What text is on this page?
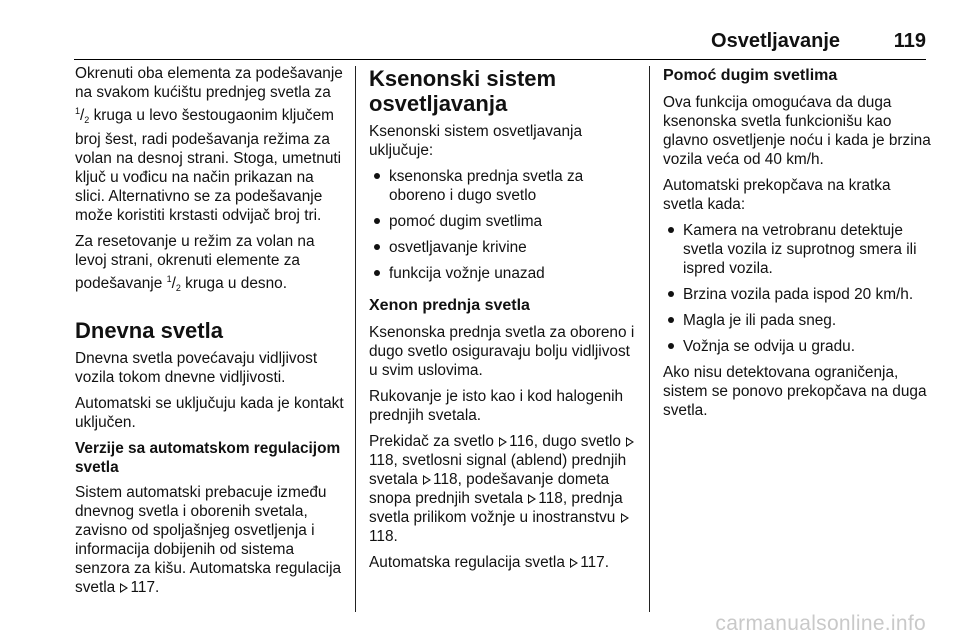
Osvetljavanje	119

Okrenuti oba elementa za podešavanje na svakom kućištu prednjeg svetla za $^1$/2 kruga u levo šestougaonim ključem broj šest, radi podešavanja režima za volan na desnoj strani. Stoga, umetnuti ključ u vođicu na način prikazan na slici. Alternativno se za podešavanje može koristiti krstasti odvijač broj tri.

Za resetovanje u režim za volan na levoj strani, okrenuti elemente za podešavanje $^1$/2 kruga u desno.

Dnevna svetla

Dnevna svetla povećavaju vidljivost vozila tokom dnevne vidljivosti.

Automatski se uključuju kada je kontakt uključen.

Verzije sa automatskom regulacijom svetla

Sistem automatski prebacuje između dnevnog svetla i oborenih svetala, zavisno od spoljašnjeg osvetljenja i informacija dobijenih od sistema senzora za kišu. Automatska regulacija svetla 117.

Ksenonski sistem osvetljavanja

Ksenonski sistem osvetljavanja uključuje:

ksenonska prednja svetla za oboreno i dugo svetlo
pomoć dugim svetlima
osvetljavanje krivine
funkcija vožnje unazad
Xenon prednja svetla

Ksenonska prednja svetla za oboreno i dugo svetlo osiguravaju bolju vidljivost u svim uslovima.

Rukovanje je isto kao i kod halogenih prednjih svetala.

Prekidač za svetlo 116, dugo svetlo 118, svetlosni signal (ablend) prednjih svetala 118, podešavanje dometa snopa prednjih svetala 118, prednja svetla prilikom vožnje u inostranstvu 118.

Automatska regulacija svetla 117.

Pomoć dugim svetlima

Ova funkcija omogućava da duga ksenonska svetla funkcionišu kao glavno osvetljenje noću i kada je brzina vozila veća od 40 km/h.

Automatski prekopčava na kratka svetla kada:

Kamera na vetrobranu detektuje svetla vozila iz suprotnog smera ili ispred vozila.
Brzina vozila pada ispod 20 km/h.
Magla je ili pada sneg.
Vožnja se odvija u gradu.

Ako nisu detektovana ograničenja, sistem se ponovo prekopčava na duga svetla.

carmanualsonline.info
